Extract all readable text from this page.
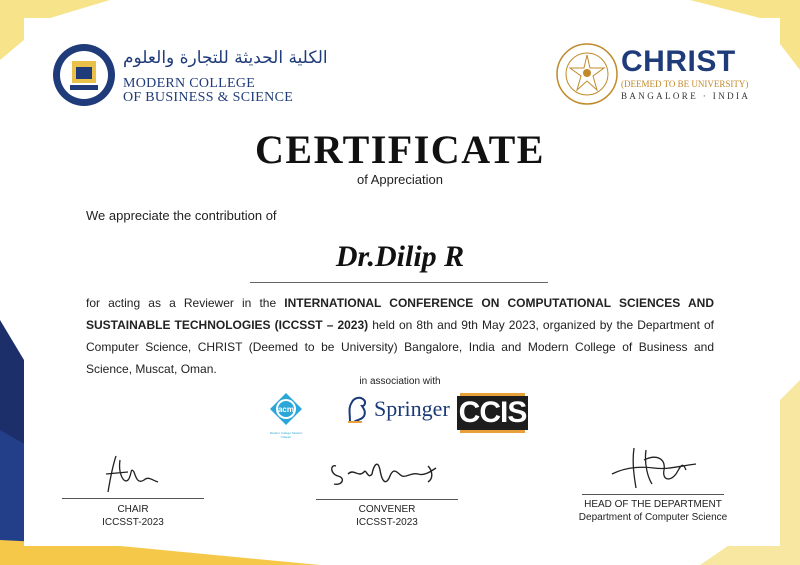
الكلية الحديثة للتجارة والعلوم
MODERN COLLEGE
OF BUSINESS & SCIENCE
CHRIST
(DEEMED TO BE UNIVERSITY)
BANGALORE · INDIA
CERTIFICATE
of Appreciation
We appreciate the contribution of
Dr.Dilip R
for acting as a Reviewer in the INTERNATIONAL CONFERENCE ON COMPUTATIONAL SCIENCES AND SUSTAINABLE TECHNOLOGIES (ICCSST – 2023) held on 8th and 9th May 2023, organized by the Department of Computer Science, CHRIST (Deemed to be University) Bangalore, India and Modern College of Business and Science, Muscat, Oman.
in association with
acm
Modern College Student Chapter
Springer CCIS
CHAIR
ICCSST-2023
CONVENER
ICCSST-2023
HEAD OF THE DEPARTMENT
Department of Computer Science
